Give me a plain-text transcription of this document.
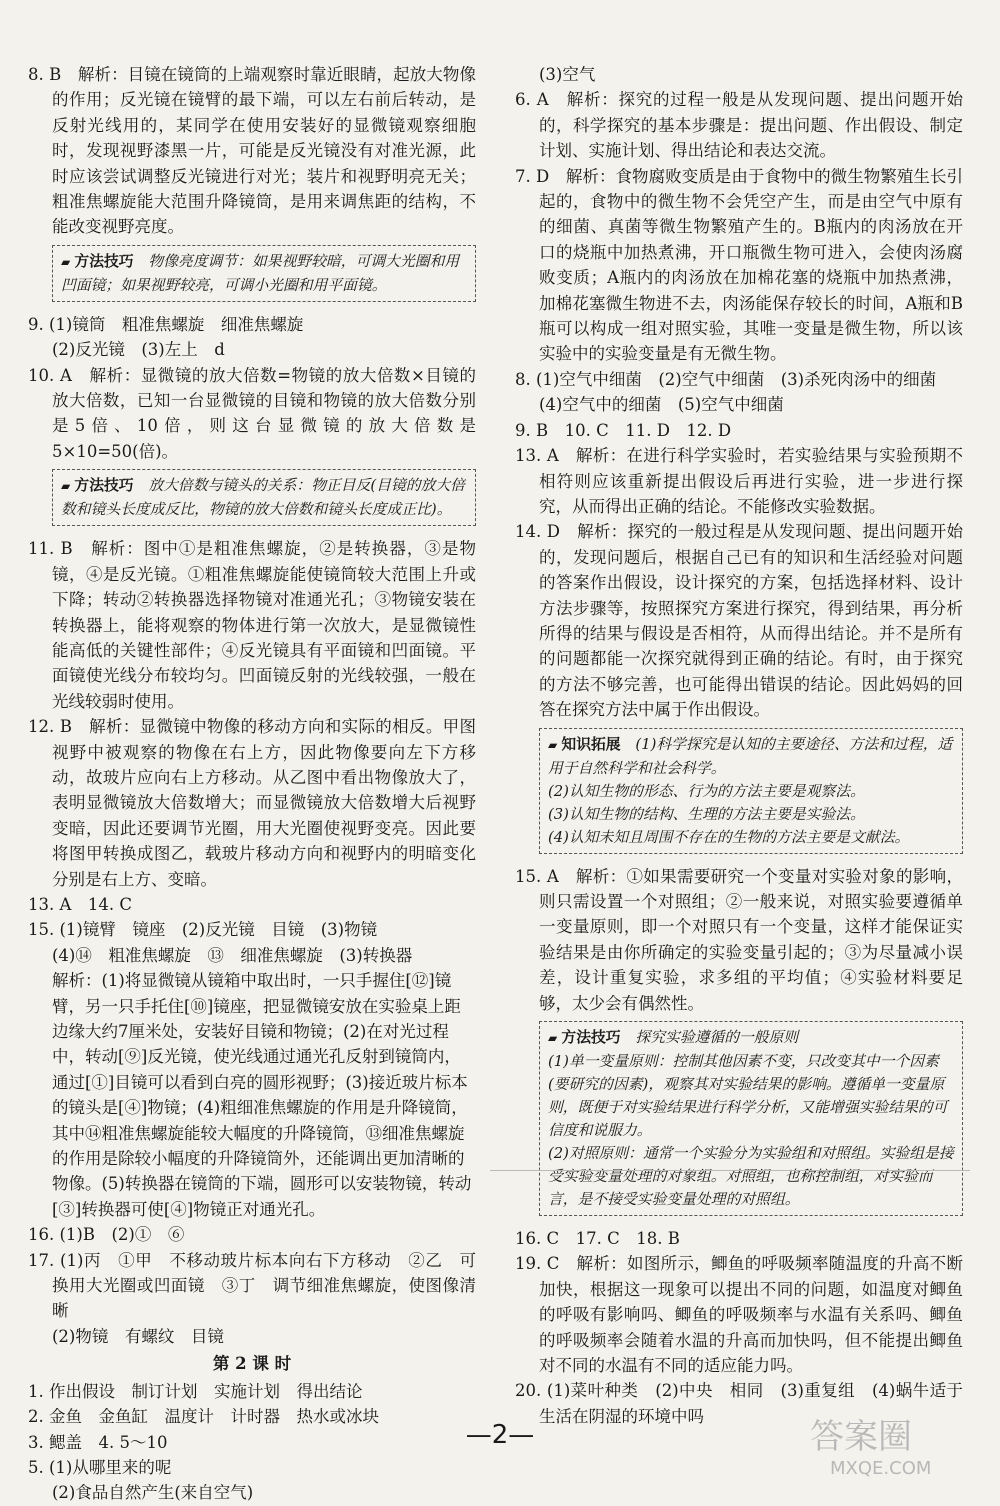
8. B　解析：目镜在镜筒的上端观察时靠近眼睛，起放大物像的作用；反光镜在镜臂的最下端，可以左右前后转动，是反射光线用的，某同学在使用安装好的显微镜观察细胞时，发现视野漆黑一片，可能是反光镜没有对准光源，此时应该尝试调整反光镜进行对光；装片和视野明亮无关；粗准焦螺旋能大范围升降镜筒，是用来调焦距的结构，不能改变视野亮度。

▰ 方法技巧　 物像亮度调节：如果视野较暗，可调大光圈和用凹面镜；如果视野较亮，可调小光圈和用平面镜。

9. (1)镜筒　粗准焦螺旋　细准焦螺旋

(2)反光镜　(3)左上　d

10. A　解析：显微镜的放大倍数=物镜的放大倍数×目镜的放大倍数，已知一台显微镜的目镜和物镜的放大倍数分别是5倍、10倍，则这台显微镜的放大倍数是5×10=50(倍)。

▰ 方法技巧　 放大倍数与镜头的关系：物正目反(目镜的放大倍数和镜头长度成反比，物镜的放大倍数和镜头长度成正比)。

11. B　解析：图中①是粗准焦螺旋，②是转换器，③是物镜，④是反光镜。①粗准焦螺旋能使镜筒较大范围上升或下降；转动②转换器选择物镜对准通光孔；③物镜安装在转换器上，能将观察的物体进行第一次放大，是显微镜性能高低的关键性部件；④反光镜具有平面镜和凹面镜。平面镜使光线分布较均匀。凹面镜反射的光线较强，一般在光线较弱时使用。

12. B　解析：显微镜中物像的移动方向和实际的相反。甲图视野中被观察的物像在右上方，因此物像要向左下方移动，故玻片应向右上方移动。从乙图中看出物像放大了，表明显微镜放大倍数增大；而显微镜放大倍数增大后视野变暗，因此还要调节光圈，用大光圈使视野变亮。因此要将图甲转换成图乙，载玻片移动方向和视野内的明暗变化分别是右上方、变暗。

13. A　14. C

15. (1)镜臂　镜座　(2)反光镜　目镜　(3)物镜

(4)⑭　粗准焦螺旋　⑬　细准焦螺旋　(3)转换器

解析：(1)将显微镜从镜箱中取出时，一只手握住[⑫]镜臂，另一只手托住[⑩]镜座，把显微镜安放在实验桌上距边缘大约7厘米处，安装好目镜和物镜；(2)在对光过程中，转动[⑨]反光镜，使光线通过通光孔反射到镜筒内，通过[①]目镜可以看到白亮的圆形视野；(3)接近玻片标本的镜头是[④]物镜；(4)粗细准焦螺旋的作用是升降镜筒，其中⑭粗准焦螺旋能较大幅度的升降镜筒，⑬细准焦螺旋的作用是除较小幅度的升降镜筒外，还能调出更加清晰的物像。(5)转换器在镜筒的下端，圆形可以安装物镜，转动[③]转换器可使[④]物镜正对通光孔。

16. (1)B　(2)①　⑥

17. (1)丙　①甲　不移动玻片标本向右下方移动　②乙　可换用大光圈或凹面镜　③丁　调节细准焦螺旋，使图像清晰

(2)物镜　有螺纹　目镜

第 2 课 时

1. 作出假设　制订计划　实施计划　得出结论

2. 金鱼　金鱼缸　温度计　计时器　热水或冰块

3. 鳃盖　4. 5～10

5. (1)从哪里来的呢

(2)食品自然产生(来自空气)

(3)空气

6. A　解析：探究的过程一般是从发现问题、提出问题开始的，科学探究的基本步骤是：提出问题、作出假设、制定计划、实施计划、得出结论和表达交流。

7. D　解析：食物腐败变质是由于食物中的微生物繁殖生长引起的，食物中的微生物不会凭空产生，而是由空气中原有的细菌、真菌等微生物繁殖产生的。B瓶内的肉汤放在开口的烧瓶中加热煮沸，开口瓶微生物可进入，会使肉汤腐败变质；A瓶内的肉汤放在加棉花塞的烧瓶中加热煮沸，加棉花塞微生物进不去，肉汤能保存较长的时间，A瓶和B瓶可以构成一组对照实验，其唯一变量是微生物，所以该实验中的实验变量是有无微生物。

8. (1)空气中细菌　(2)空气中细菌　(3)杀死肉汤中的细菌

(4)空气中的细菌　(5)空气中细菌

9. B　10. C　11. D　12. D

13. A　解析：在进行科学实验时，若实验结果与实验预期不相符则应该重新提出假设后再进行实验，进一步进行探究，从而得出正确的结论。不能修改实验数据。

14. D　解析：探究的一般过程是从发现问题、提出问题开始的，发现问题后，根据自己已有的知识和生活经验对问题的答案作出假设，设计探究的方案，包括选择材料、设计方法步骤等，按照探究方案进行探究，得到结果，再分析所得的结果与假设是否相符，从而得出结论。并不是所有的问题都能一次探究就得到正确的结论。有时，由于探究的方法不够完善，也可能得出错误的结论。因此妈妈的回答在探究方法中属于作出假设。

▰ 知识拓展　 (1)科学探究是认知的主要途径、方法和过程，适用于自然科学和社会科学。

(2)认知生物的形态、行为的方法主要是观察法。

(3)认知生物的结构、生理的方法主要是实验法。

(4)认知未知且周围不存在的生物的方法主要是文献法。

15. A　解析：①如果需要研究一个变量对实验对象的影响，则只需设置一个对照组；②一般来说，对照实验要遵循单一变量原则，即一个对照只有一个变量，这样才能保证实验结果是由你所确定的实验变量引起的；③为尽量减小误差，设计重复实验，求多组的平均值；④实验材料要足够，太少会有偶然性。

▰ 方法技巧　 探究实验遵循的一般原则

(1)单一变量原则：控制其他因素不变，只改变其中一个因素(要研究的因素)，观察其对实验结果的影响。遵循单一变量原则，既便于对实验结果进行科学分析，又能增强实验结果的可信度和说服力。

(2)对照原则：通常一个实验分为实验组和对照组。实验组是接受实验变量处理的对象组。对照组，也称控制组，对实验而言，是不接受实验变量处理的对照组。

16. C　17. C　18. B

19. C　解析：如图所示，鲫鱼的呼吸频率随温度的升高不断加快，根据这一现象可以提出不同的问题，如温度对鲫鱼的呼吸有影响吗、鲫鱼的呼吸频率与水温有关系吗、鲫鱼的呼吸频率会随着水温的升高而加快吗，但不能提出鲫鱼对不同的水温有不同的适应能力吗。

20. (1)菜叶种类　(2)中央　相同　(3)重复组　(4)蜗牛适于生活在阴湿的环境中吗

—2—	答案圈
MXQE.COM
